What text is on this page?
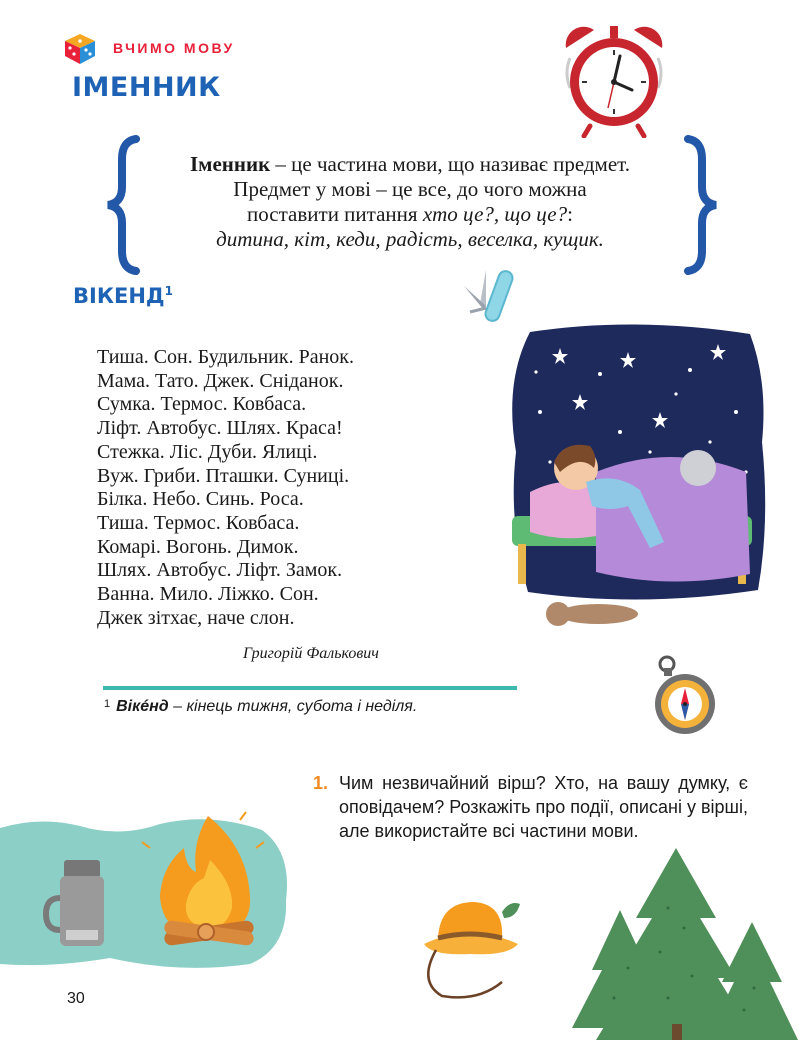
ВЧИМО МОВУ
ІМЕННИК

Іменник – це частина мови, що називає предмет.

Предмет у мові – це все, до чого можна

поставити питання хто це?, що це?:

дитина, кіт, кеди, радість, веселка, кущик.

ВІКЕНД$^1$
Тиша. Сон. Будильник. Ранок.
Мама. Тато. Джек. Сніданок.
Сумка. Термос. Ковбаса.
Ліфт. Автобус. Шлях. Краса!
Стежка. Ліс. Дуби. Ялиці.
Вуж. Гриби. Пташки. Суниці.
Білка. Небо. Синь. Роса.
Тиша. Термос. Ковбаса.
Комарі. Вогонь. Димок.
Шлях. Автобус. Ліфт. Замок.
Ванна. Мило. Ліжко. Сон.
Джек зітхає, наче слон.
Григорій Фалькович
$^1$ Вікéнд – кінець тижня, субота і неділя.
1. Чим незвичайний вірш? Хто, на вашу думку, є оповідачем? Розкажіть про події, описані у вірші, але використайте всі частини мови.
30
